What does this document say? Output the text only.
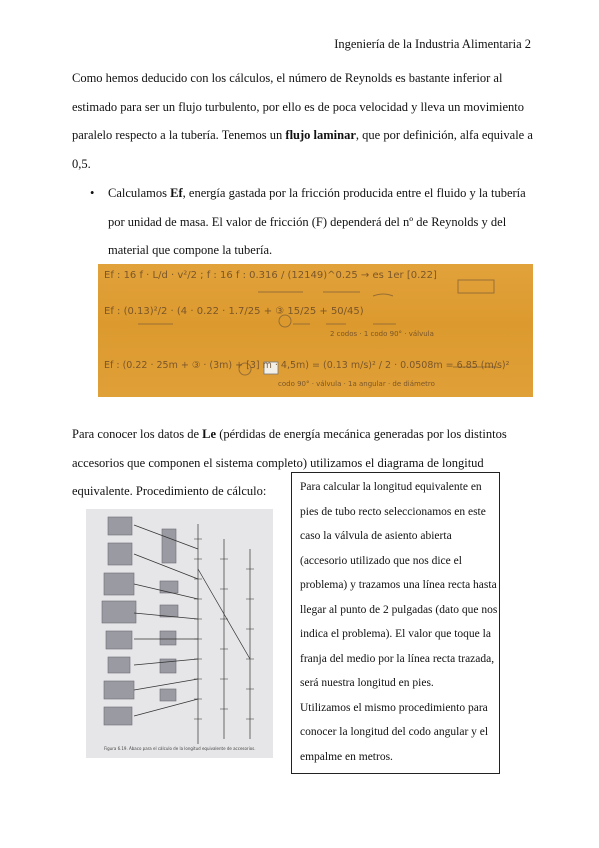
Ingeniería de la Industria Alimentaria 2
Como hemos deducido con los cálculos, el número de Reynolds es bastante inferior al
estimado para ser un flujo turbulento, por ello es de poca velocidad y lleva un movimiento
paralelo respecto a la tubería. Tenemos un flujo laminar, que por definición, alfa equivale a
0,5.
• Calculamos Ef, energía gastada por la fricción producida entre el fluido y la tubería
por unidad de masa. El valor de fricción (F) dependerá del nº de Reynolds y del
material que compone la tubería.
Ef : 16 f · L/d · v²/2 ; f : 16 f : 0.316 / (12149)^0.25 → es 1er [0.22]
Ef : (0.13)²/2 · (4 · 0.22 · 1.7/25 + ③ 15/25 + 50/45)
2 codos · 1 codo 90° · válvula
Ef : (0.22 · 25m + ③ · (3m) + [3] m · 4,5m) = (0.13 m/s)² / 2 · 0.0508m = 6.85 (m/s)²
codo 90° · válvula · 1a angular · de diámetro
Para conocer los datos de Le (pérdidas de energía mecánica generadas por los distintos
accesorios que componen el sistema completo) utilizamos el diagrama de longitud
equivalente. Procedimiento de cálculo:
Figura 6.19. Ábaco para el cálculo de la longitud equivalente de accesorios.
Para calcular la longitud equivalente en
pies de tubo recto seleccionamos en este
caso la válvula de asiento abierta
(accesorio utilizado que nos dice el
problema) y trazamos una línea recta hasta
llegar al punto de 2 pulgadas (dato que nos
indica el problema). El valor que toque la
franja del medio por la línea recta trazada,
será nuestra longitud en pies.
Utilizamos el mismo procedimiento para
conocer la longitud del codo angular y el
empalme en metros.
